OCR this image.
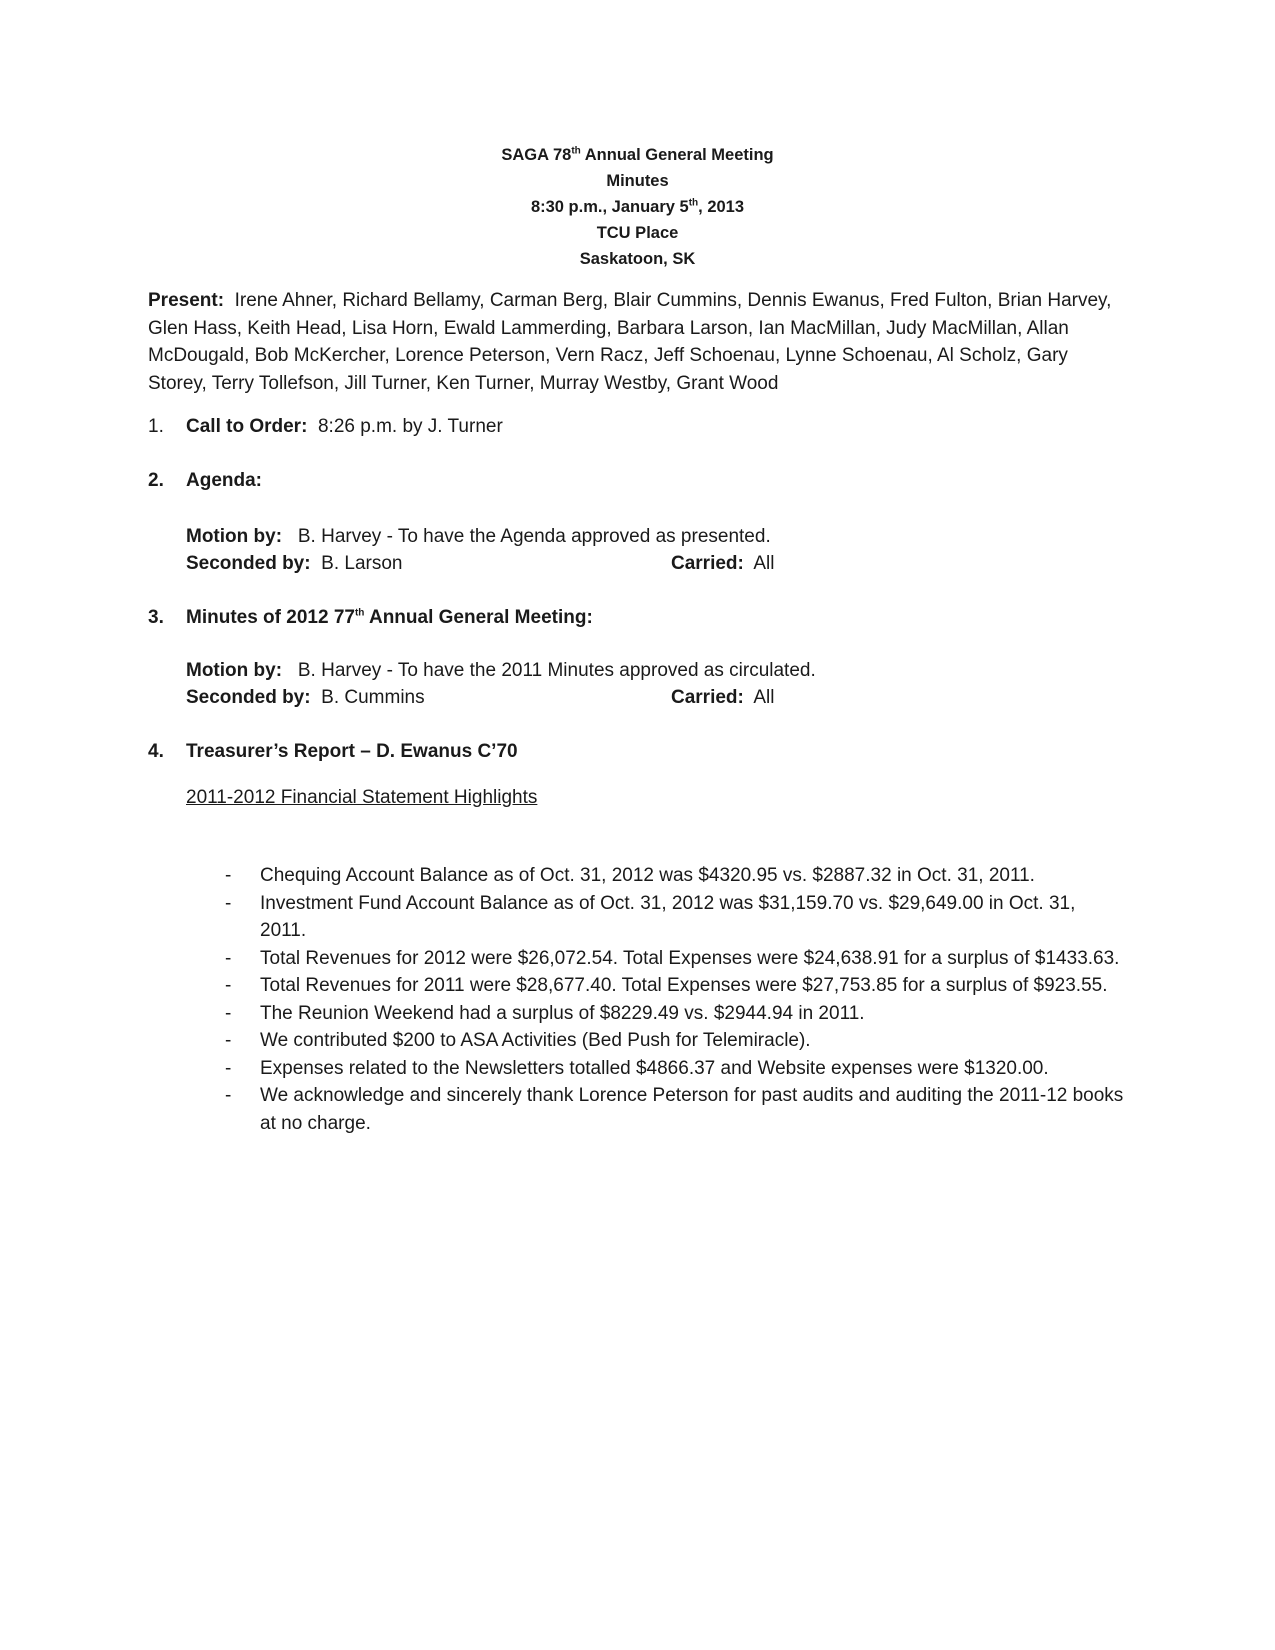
SAGA 78th Annual General Meeting
Minutes
8:30 p.m., January 5th, 2013
TCU Place
Saskatoon, SK
Present: Irene Ahner, Richard Bellamy, Carman Berg, Blair Cummins, Dennis Ewanus, Fred Fulton, Brian Harvey, Glen Hass, Keith Head, Lisa Horn, Ewald Lammerding, Barbara Larson, Ian MacMillan, Judy MacMillan, Allan McDougald, Bob McKercher, Lorence Peterson, Vern Racz, Jeff Schoenau, Lynne Schoenau, Al Scholz, Gary Storey, Terry Tollefson, Jill Turner, Ken Turner, Murray Westby, Grant Wood
1. Call to Order: 8:26 p.m. by J. Turner
2. Agenda:
Motion by: B. Harvey - To have the Agenda approved as presented.
Seconded by: B. Larson	Carried: All
3. Minutes of 2012 77th Annual General Meeting:
Motion by: B. Harvey - To have the 2011 Minutes approved as circulated.
Seconded by: B. Cummins	Carried: All
4. Treasurer’s Report – D. Ewanus C’70
2011-2012 Financial Statement Highlights
- Chequing Account Balance as of Oct. 31, 2012 was $4320.95 vs. $2887.32 in Oct. 31, 2011.
- Investment Fund Account Balance as of Oct. 31, 2012 was $31,159.70 vs. $29,649.00 in Oct. 31, 2011.
- Total Revenues for 2012 were $26,072.54. Total Expenses were $24,638.91 for a surplus of $1433.63.
- Total Revenues for 2011 were $28,677.40. Total Expenses were $27,753.85 for a surplus of $923.55.
- The Reunion Weekend had a surplus of $8229.49 vs. $2944.94 in 2011.
- We contributed $200 to ASA Activities (Bed Push for Telemiracle).
- Expenses related to the Newsletters totalled $4866.37 and Website expenses were $1320.00.
- We acknowledge and sincerely thank Lorence Peterson for past audits and auditing the 2011-12 books at no charge.
